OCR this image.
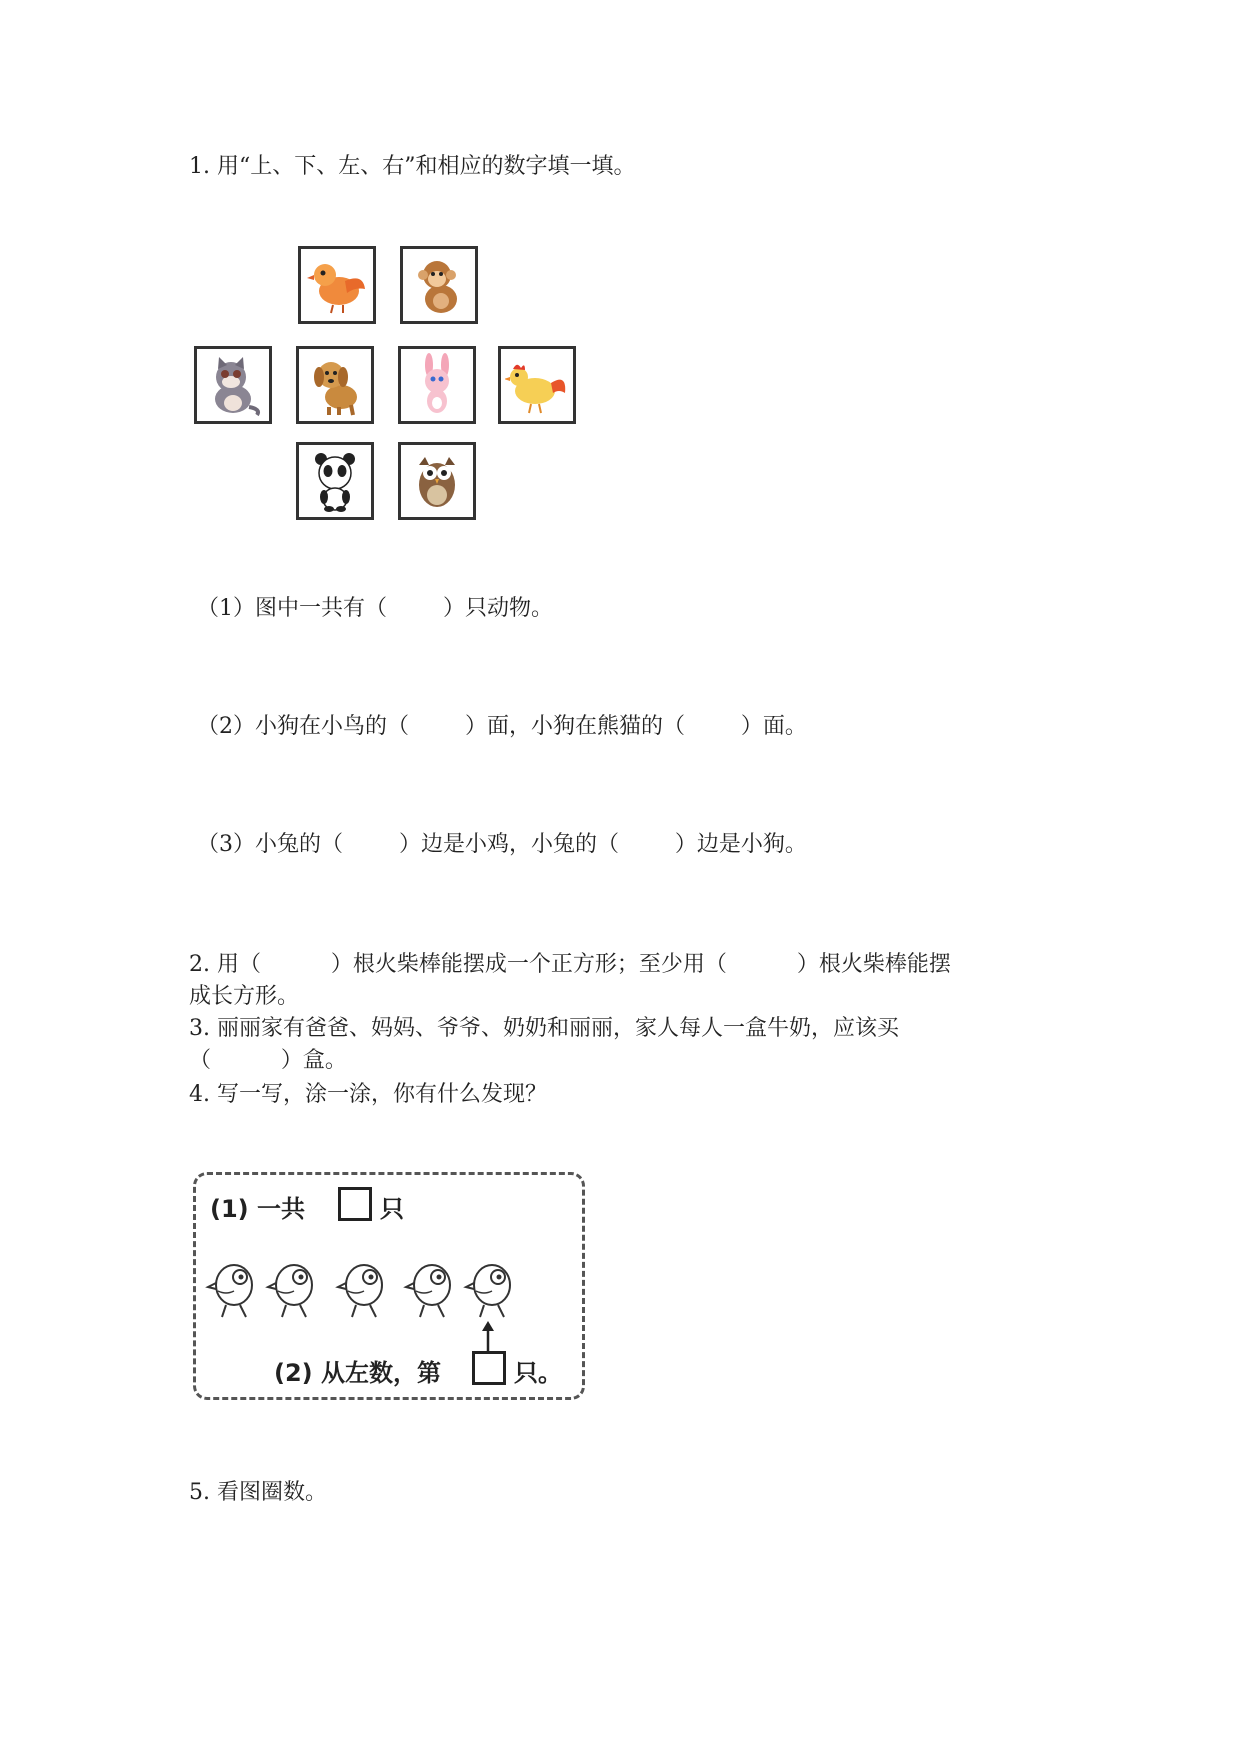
1. 用“上、下、左、右”和相应的数字填一填。
（1）图中一共有（        ）只动物。
（2）小狗在小鸟的（        ）面，小狗在熊猫的（        ）面。
（3）小兔的（        ）边是小鸡，小兔的（        ）边是小狗。
2. 用（          ）根火柴棒能摆成一个正方形；至少用（          ）根火柴棒能摆
成长方形。
3. 丽丽家有爸爸、妈妈、爷爷、奶奶和丽丽，家人每人一盒牛奶，应该买
（          ）盒。
4. 写一写，涂一涂，你有什么发现？
(1) 一共	只
(2) 从左数，第	只。
5. 看图圈数。
